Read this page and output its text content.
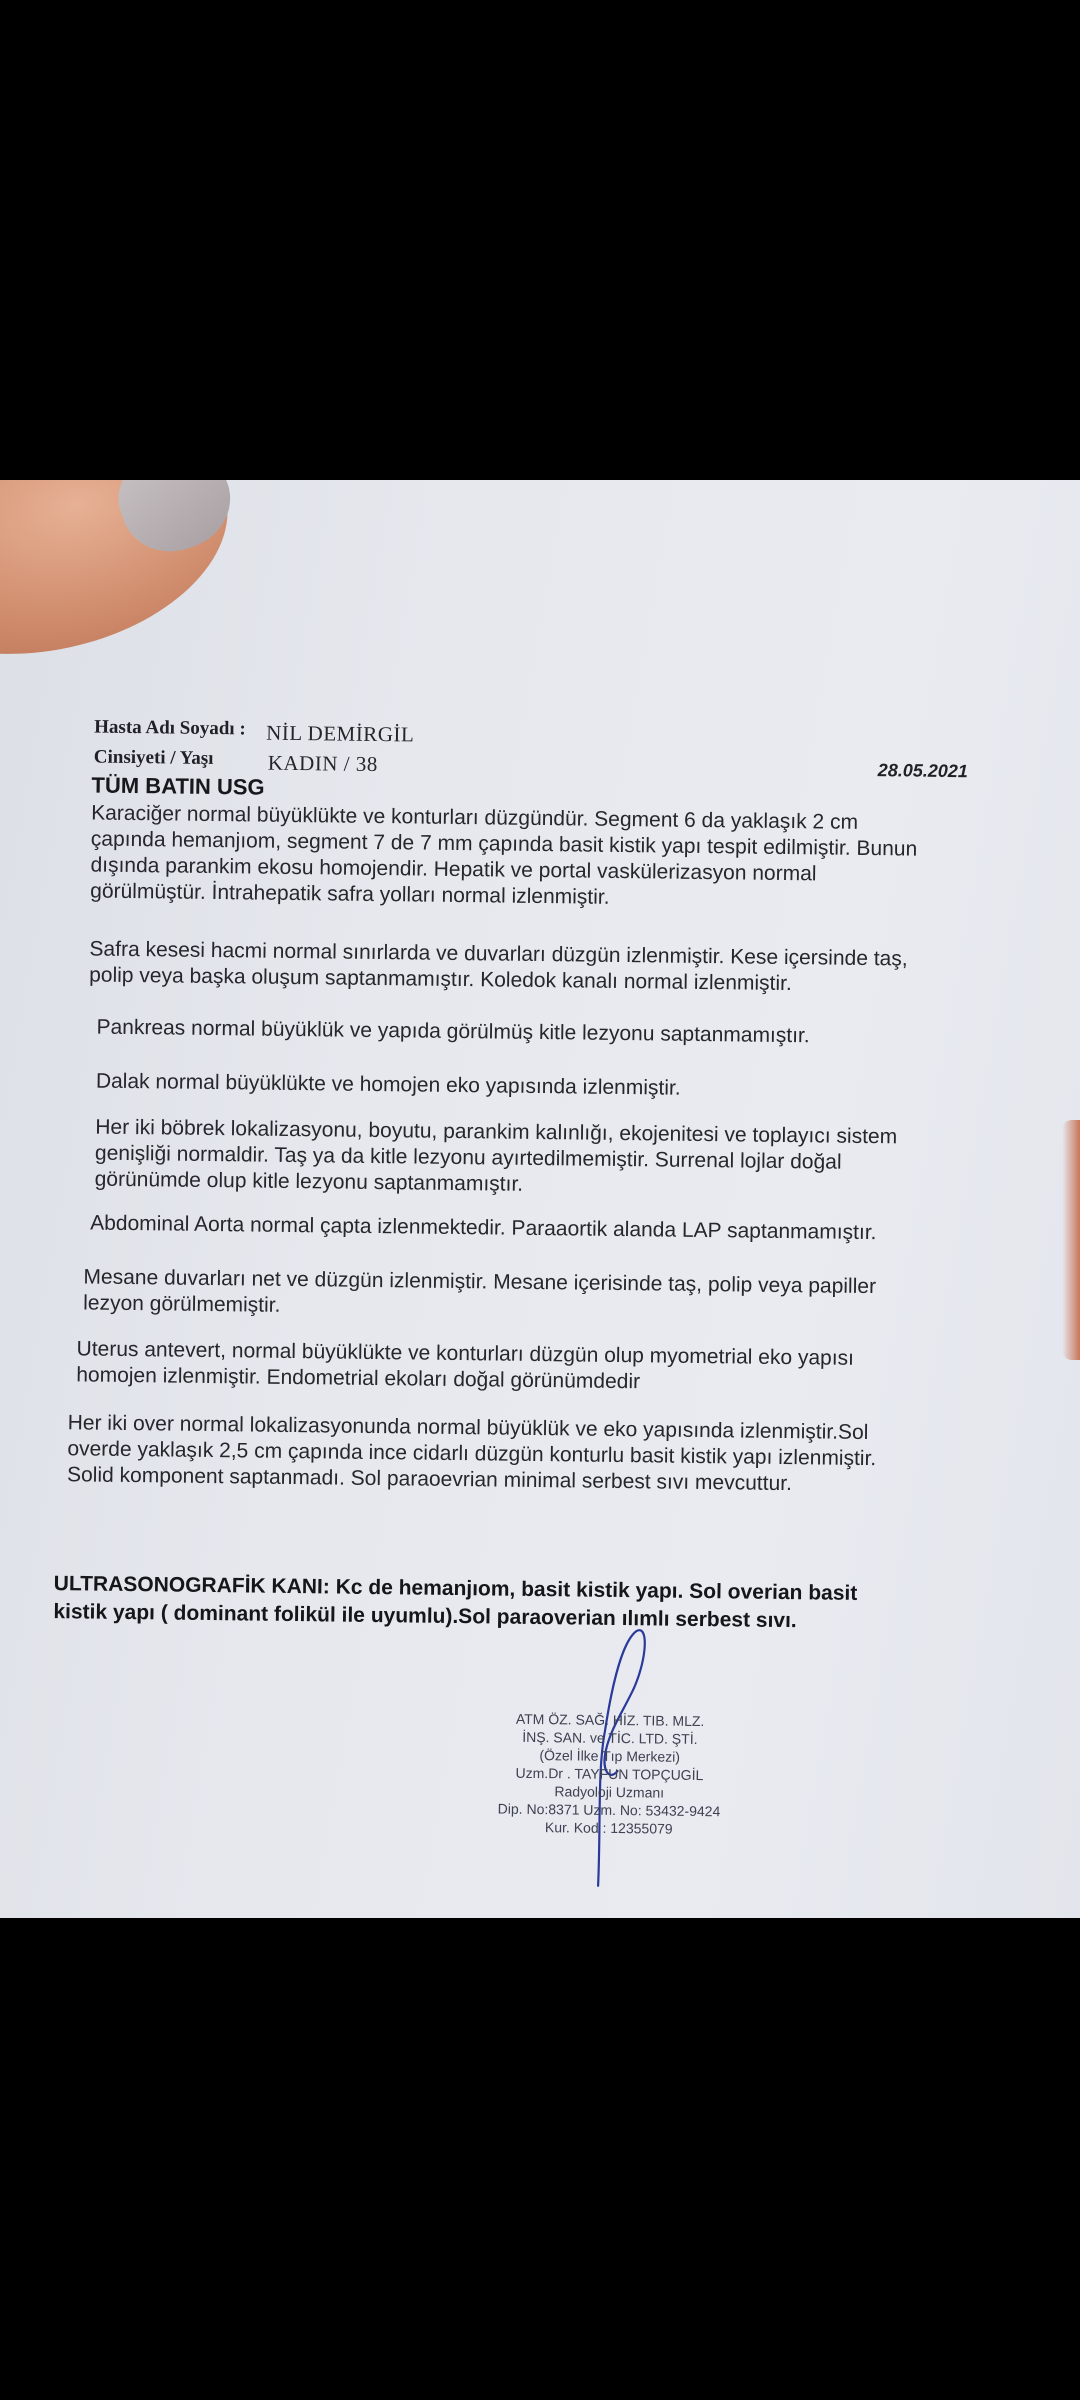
Hasta Adı Soyadı : NİL DEMİRGİL
Cinsiyeti / Yaşı	KADIN / 38	28.05.2021
TÜM BATIN USG

Karaciğer normal büyüklükte ve konturları düzgündür. Segment 6 da yaklaşık 2 cm çapında hemanjıom, segment 7 de 7 mm çapında basit kistik yapı tespit edilmiştir. Bunun dışında parankim ekosu homojendir. Hepatik ve portal vaskülerizasyon normal görülmüştür. İntrahepatik safra yolları normal izlenmiştir.

Safra kesesi hacmi normal sınırlarda ve duvarları düzgün izlenmiştir. Kese içersinde taş, polip veya başka oluşum saptanmamıştır. Koledok kanalı normal izlenmiştir.

Pankreas normal büyüklük ve yapıda görülmüş kitle lezyonu saptanmamıştır.

Dalak normal büyüklükte ve homojen eko yapısında izlenmiştir.

Her iki böbrek lokalizasyonu, boyutu, parankim kalınlığı, ekojenitesi ve toplayıcı sistem genişliği normaldir. Taş ya da kitle lezyonu ayırtedilmemiştir. Surrenal lojlar doğal görünümde olup kitle lezyonu saptanmamıştır.

Abdominal Aorta normal çapta izlenmektedir. Paraaortik alanda LAP saptanmamıştır.

Mesane duvarları net ve düzgün izlenmiştir. Mesane içerisinde taş, polip veya papiller lezyon görülmemiştir.

Uterus antevert, normal büyüklükte ve konturları düzgün olup myometrial eko yapısı homojen izlenmiştir. Endometrial ekoları doğal görünümdedir

Her iki over normal lokalizasyonunda normal büyüklük ve eko yapısında izlenmiştir.Sol overde yaklaşık 2,5 cm çapında ince cidarlı düzgün konturlu basit kistik yapı izlenmiştir. Solid komponent saptanmadı. Sol paraoevrian minimal serbest sıvı mevcuttur.

ULTRASONOGRAFİK KANI: Kc de hemanjıom, basit kistik yapı. Sol overian basit kistik yapı ( dominant folikül ile uyumlu).Sol paraoverian ılımlı serbest sıvı.
ATM ÖZ. SAĞ. HİZ. TIB. MLZ.
İNŞ. SAN. ve TİC. LTD. ŞTİ.
(Özel İlke Tıp Merkezi)
Uzm.Dr . TAYFUN TOPÇUGİL
Radyoloji Uzmanı
Dip. No:8371 Uzm. No: 53432-9424
Kur. Kod : 12355079
